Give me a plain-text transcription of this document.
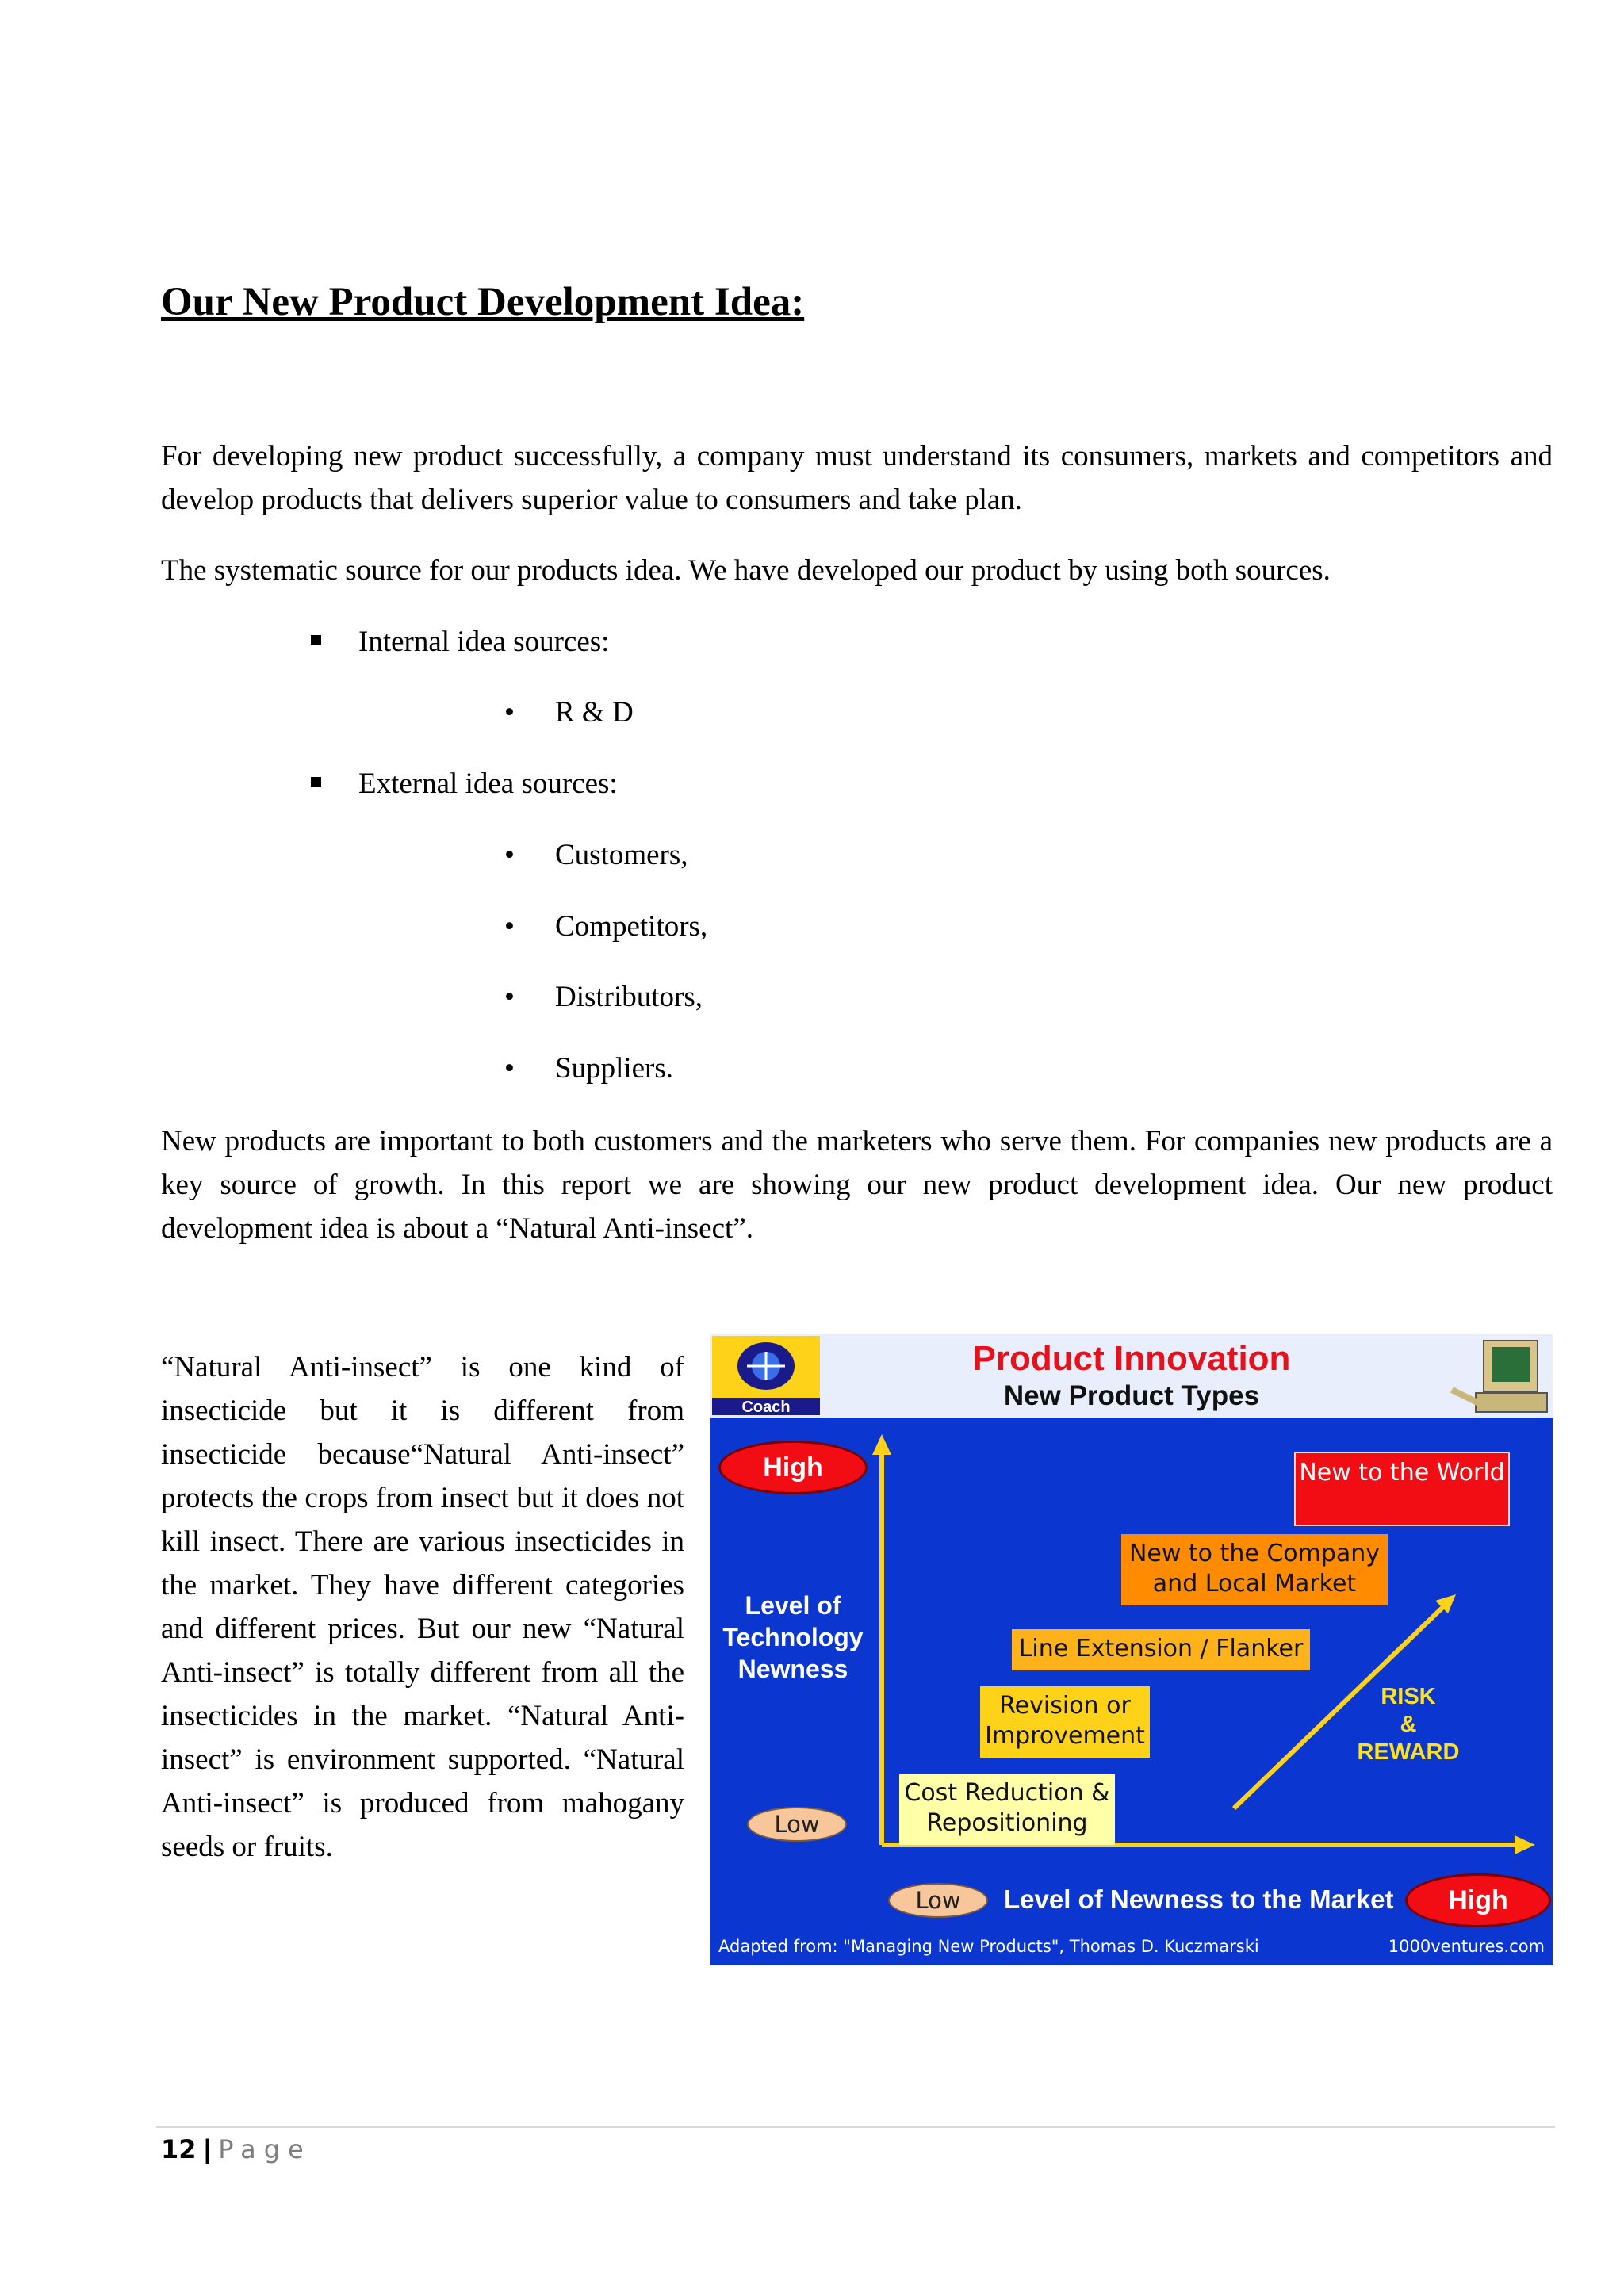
Our New Product Development Idea:

For developing new product successfully, a company must understand its consumers, markets and competitors and develop products that delivers superior value to consumers and take plan.

The systematic source for our products idea. We have developed our product by using both sources.

Internal idea sources:
• R & D
External idea sources:
• Customers,
• Competitors,
• Distributors,
• Suppliers.

New products are important to both customers and the marketers who serve them. For companies new products are a key source of growth. In this report we are showing our new product development idea. Our new product development idea is about a “Natural Anti-insect”.

“Natural Anti-insect” is one kind of insecticide but it is different from insecticide because“Natural Anti-insect” protects the crops from insect but it does not kill insect. There are various insecticides in the market. They have different categories and different prices. But our new “Natural Anti-insect” is totally different from all the insecticides in the market. “Natural Anti-insect” is environment supported. “Natural Anti-insect” is produced from mahogany seeds or fruits.

Coach
Product Innovation
New Product Types
High
Level of Technology Newness
Low
Cost Reduction & Repositioning
Revision or Improvement
Line Extension / Flanker
New to the Company and Local Market
New to the World
RISK
&
REWARD
Low	Level of Newness to the Market	High
Adapted from: "Managing New Products", Thomas D. Kuczmarski	1000ventures.com
12 | Page
